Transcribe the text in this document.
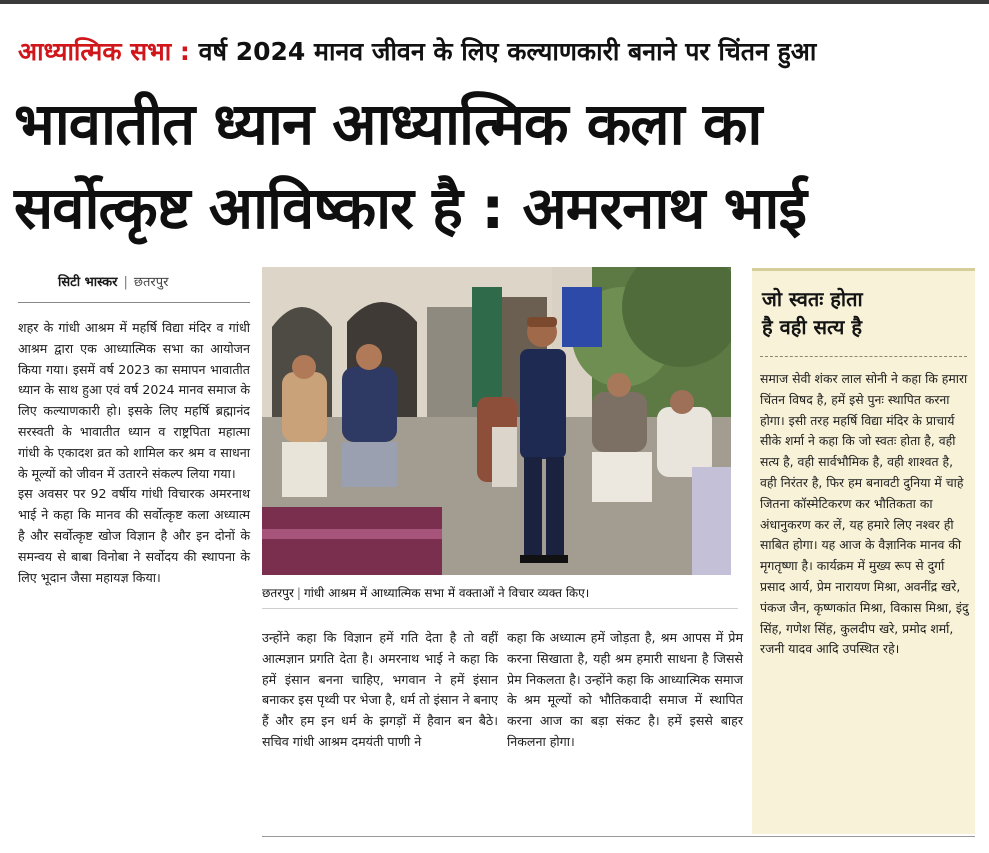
आध्यात्मिक सभा : वर्ष 2024 मानव जीवन के लिए कल्याणकारी बनाने पर चिंतन हुआ
भावातीत ध्यान आध्यात्मिक कला का
सर्वोत्कृष्ट आविष्कार है : अमरनाथ भाई
सिटी भास्कर | छतरपुर

शहर के गांधी आश्रम में महर्षि विद्या मंदिर व गांधी आश्रम द्वारा एक आध्यात्मिक सभा का आयोजन किया गया। इसमें वर्ष 2023 का समापन भावातीत ध्यान के साथ हुआ एवं वर्ष 2024 मानव समाज के लिए कल्याणकारी हो। इसके लिए महर्षि ब्रह्मानंद सरस्वती के भावातीत ध्यान व राष्ट्रपिता महात्मा गांधी के एकादश व्रत को शामिल कर श्रम व साधना के मूल्यों को जीवन में उतारने संकल्प लिया गया।

इस अवसर पर 92 वर्षीय गांधी विचारक अमरनाथ भाई ने कहा कि मानव की सर्वोत्कृष्ट कला अध्यात्म है और सर्वोत्कृष्ट खोज विज्ञान है और इन दोनों के समन्वय से बाबा विनोबा ने सर्वोदय की स्थापना के लिए भूदान जैसा महायज्ञ किया।

छतरपुर | गांधी आश्रम में आध्यात्मिक सभा में वक्ताओं ने विचार व्यक्त किए।

उन्होंने कहा कि विज्ञान हमें गति देता है तो वहीं आत्मज्ञान प्रगति देता है। अमरनाथ भाई ने कहा कि हमें इंसान बनना चाहिए, भगवान ने हमें इंसान बनाकर इस पृथ्वी पर भेजा है, धर्म तो इंसान ने बनाए हैं और हम इन धर्म के झगड़ों में हैवान बन बैठे। सचिव गांधी आश्रम दमयंती पाणी ने

कहा कि अध्यात्म हमें जोड़ता है, श्रम आपस में प्रेम करना सिखाता है, यही श्रम हमारी साधना है जिससे प्रेम निकलता है। उन्होंने कहा कि आध्यात्मिक समाज के श्रम मूल्यों को भौतिकवादी समाज में स्थापित करना आज का बड़ा संकट है। हमें इससे बाहर निकलना होगा।

जो स्वतः होता
है वही सत्य है

समाज सेवी शंकर लाल सोनी ने कहा कि हमारा चिंतन विषद है, हमें इसे पुनः स्थापित करना होगा। इसी तरह महर्षि विद्या मंदिर के प्राचार्य सीके शर्मा ने कहा कि जो स्वतः होता है, वही सत्य है, वही सार्वभौमिक है, वही शाश्वत है, वही निरंतर है, फिर हम बनावटी दुनिया में चाहे जितना कॉस्मेटिकरण कर भौतिकता का अंधानुकरण कर लें, यह हमारे लिए नश्वर ही साबित होगा। यह आज के वैज्ञानिक मानव की मृगतृष्णा है। कार्यक्रम में मुख्य रूप से दुर्गा प्रसाद आर्य, प्रेम नारायण मिश्रा, अवनींद्र खरे, पंकज जैन, कृष्णकांत मिश्रा, विकास मिश्रा, इंदु सिंह, गणेश सिंह, कुलदीप खरे, प्रमोद शर्मा, रजनी यादव आदि उपस्थित रहे।
